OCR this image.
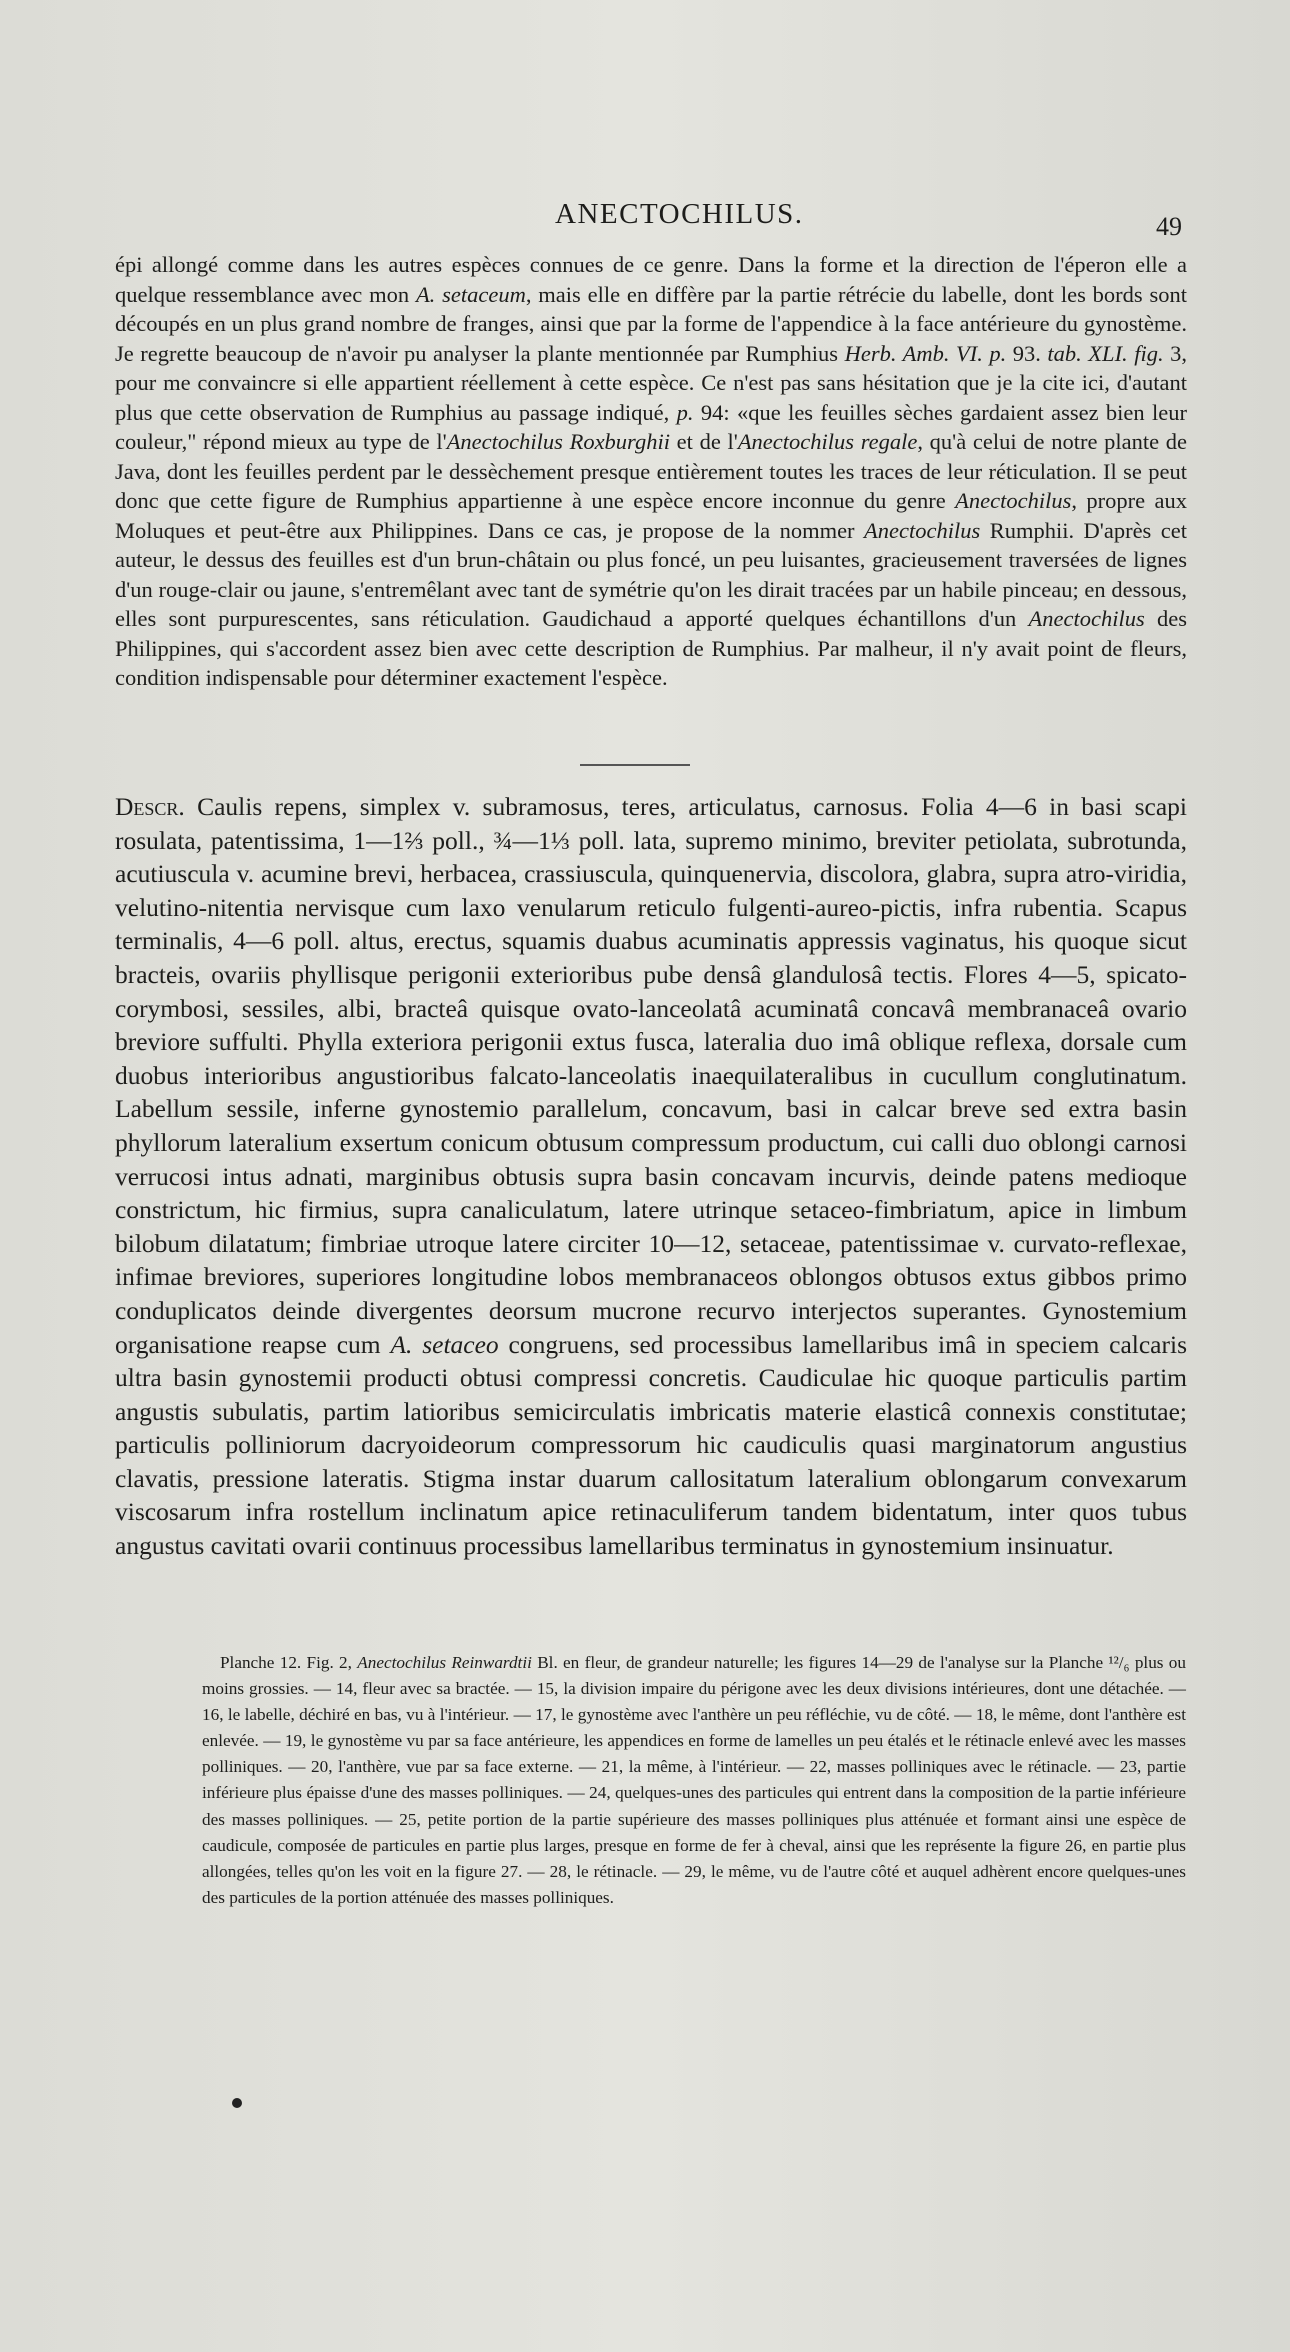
ANECTOCHILUS.	49

épi allongé comme dans les autres espèces connues de ce genre. Dans la forme et la direction de l'éperon elle a quelque ressemblance avec mon A. setaceum, mais elle en diffère par la partie rétrécie du labelle, dont les bords sont découpés en un plus grand nombre de franges, ainsi que par la forme de l'appendice à la face antérieure du gynostème. Je regrette beaucoup de n'avoir pu analyser la plante mentionnée par Rumphius Herb. Amb. VI. p. 93. tab. XLI. fig. 3, pour me convaincre si elle appartient réellement à cette espèce. Ce n'est pas sans hésitation que je la cite ici, d'autant plus que cette observation de Rumphius au passage indiqué, p. 94: «que les feuilles sèches gardaient assez bien leur couleur," répond mieux au type de l'Anectochilus Roxburghii et de l'Anectochilus regale, qu'à celui de notre plante de Java, dont les feuilles perdent par le dessèchement presque entièrement toutes les traces de leur réticulation. Il se peut donc que cette figure de Rumphius appartienne à une espèce encore inconnue du genre Anectochilus, propre aux Moluques et peut-être aux Philippines. Dans ce cas, je propose de la nommer Anectochilus Rumphii. D'après cet auteur, le dessus des feuilles est d'un brun-châtain ou plus foncé, un peu luisantes, gracieusement traversées de lignes d'un rouge-clair ou jaune, s'entremêlant avec tant de symétrie qu'on les dirait tracées par un habile pinceau; en dessous, elles sont purpurescentes, sans réticulation. Gaudichaud a apporté quelques échantillons d'un Anectochilus des Philippines, qui s'accordent assez bien avec cette description de Rumphius. Par malheur, il n'y avait point de fleurs, condition indispensable pour déterminer exactement l'espèce.

Descr. Caulis repens, simplex v. subramosus, teres, articulatus, carnosus. Folia 4—6 in basi scapi rosulata, patentissima, 1—1⅔ poll., ¾—1⅓ poll. lata, supremo minimo, breviter petiolata, subrotunda, acutiuscula v. acumine brevi, herbacea, crassiuscula, quinquenervia, discolora, glabra, supra atro-viridia, velutino-nitentia nervisque cum laxo venularum reticulo fulgenti-aureo-pictis, infra rubentia. Scapus terminalis, 4—6 poll. altus, erectus, squamis duabus acuminatis appressis vaginatus, his quoque sicut bracteis, ovariis phyllisque perigonii exterioribus pube densâ glandulosâ tectis. Flores 4—5, spicato-corymbosi, sessiles, albi, bracteâ quisque ovato-lanceolatâ acuminatâ concavâ membranaceâ ovario breviore suffulti. Phylla exteriora perigonii extus fusca, lateralia duo imâ oblique reflexa, dorsale cum duobus interioribus angustioribus falcato-lanceolatis inaequilateralibus in cucullum conglutinatum. Labellum sessile, inferne gynostemio parallelum, concavum, basi in calcar breve sed extra basin phyllorum lateralium exsertum conicum obtusum compressum productum, cui calli duo oblongi carnosi verrucosi intus adnati, marginibus obtusis supra basin concavam incurvis, deinde patens medioque constrictum, hic firmius, supra canaliculatum, latere utrinque setaceo-fimbriatum, apice in limbum bilobum dilatatum; fimbriae utroque latere circiter 10—12, setaceae, patentissimae v. curvato-reflexae, infimae breviores, superiores longitudine lobos membranaceos oblongos obtusos extus gibbos primo conduplicatos deinde divergentes deorsum mucrone recurvo interjectos superantes. Gynostemium organisatione reapse cum A. setaceo congruens, sed processibus lamellaribus imâ in speciem calcaris ultra basin gynostemii producti obtusi compressi concretis. Caudiculae hic quoque particulis partim angustis subulatis, partim latioribus semicirculatis imbricatis materie elasticâ connexis constitutae; particulis polliniorum dacryoideorum compressorum hic caudiculis quasi marginatorum angustius clavatis, pressione lateratis. Stigma instar duarum callositatum lateralium oblongarum convexarum viscosarum infra rostellum inclinatum apice retinaculiferum tandem bidentatum, inter quos tubus angustus cavitati ovarii continuus processibus lamellaribus terminatus in gynostemium insinuatur.

Planche 12. Fig. 2, Anectochilus Reinwardtii Bl. en fleur, de grandeur naturelle; les figures 14—29 de l'analyse sur la Planche ¹²/₆ plus ou moins grossies. — 14, fleur avec sa bractée. — 15, la division impaire du périgone avec les deux divisions intérieures, dont une détachée. — 16, le labelle, déchiré en bas, vu à l'intérieur. — 17, le gynostème avec l'anthère un peu réfléchie, vu de côté. — 18, le même, dont l'anthère est enlevée. — 19, le gynostème vu par sa face antérieure, les appendices en forme de lamelles un peu étalés et le rétinacle enlevé avec les masses polliniques. — 20, l'anthère, vue par sa face externe. — 21, la même, à l'intérieur. — 22, masses polliniques avec le rétinacle. — 23, partie inférieure plus épaisse d'une des masses polliniques. — 24, quelques-unes des particules qui entrent dans la composition de la partie inférieure des masses polliniques. — 25, petite portion de la partie supérieure des masses polliniques plus atténuée et formant ainsi une espèce de caudicule, composée de particules en partie plus larges, presque en forme de fer à cheval, ainsi que les représente la figure 26, en partie plus allongées, telles qu'on les voit en la figure 27. — 28, le rétinacle. — 29, le même, vu de l'autre côté et auquel adhèrent encore quelques-unes des particules de la portion atténuée des masses polliniques.
